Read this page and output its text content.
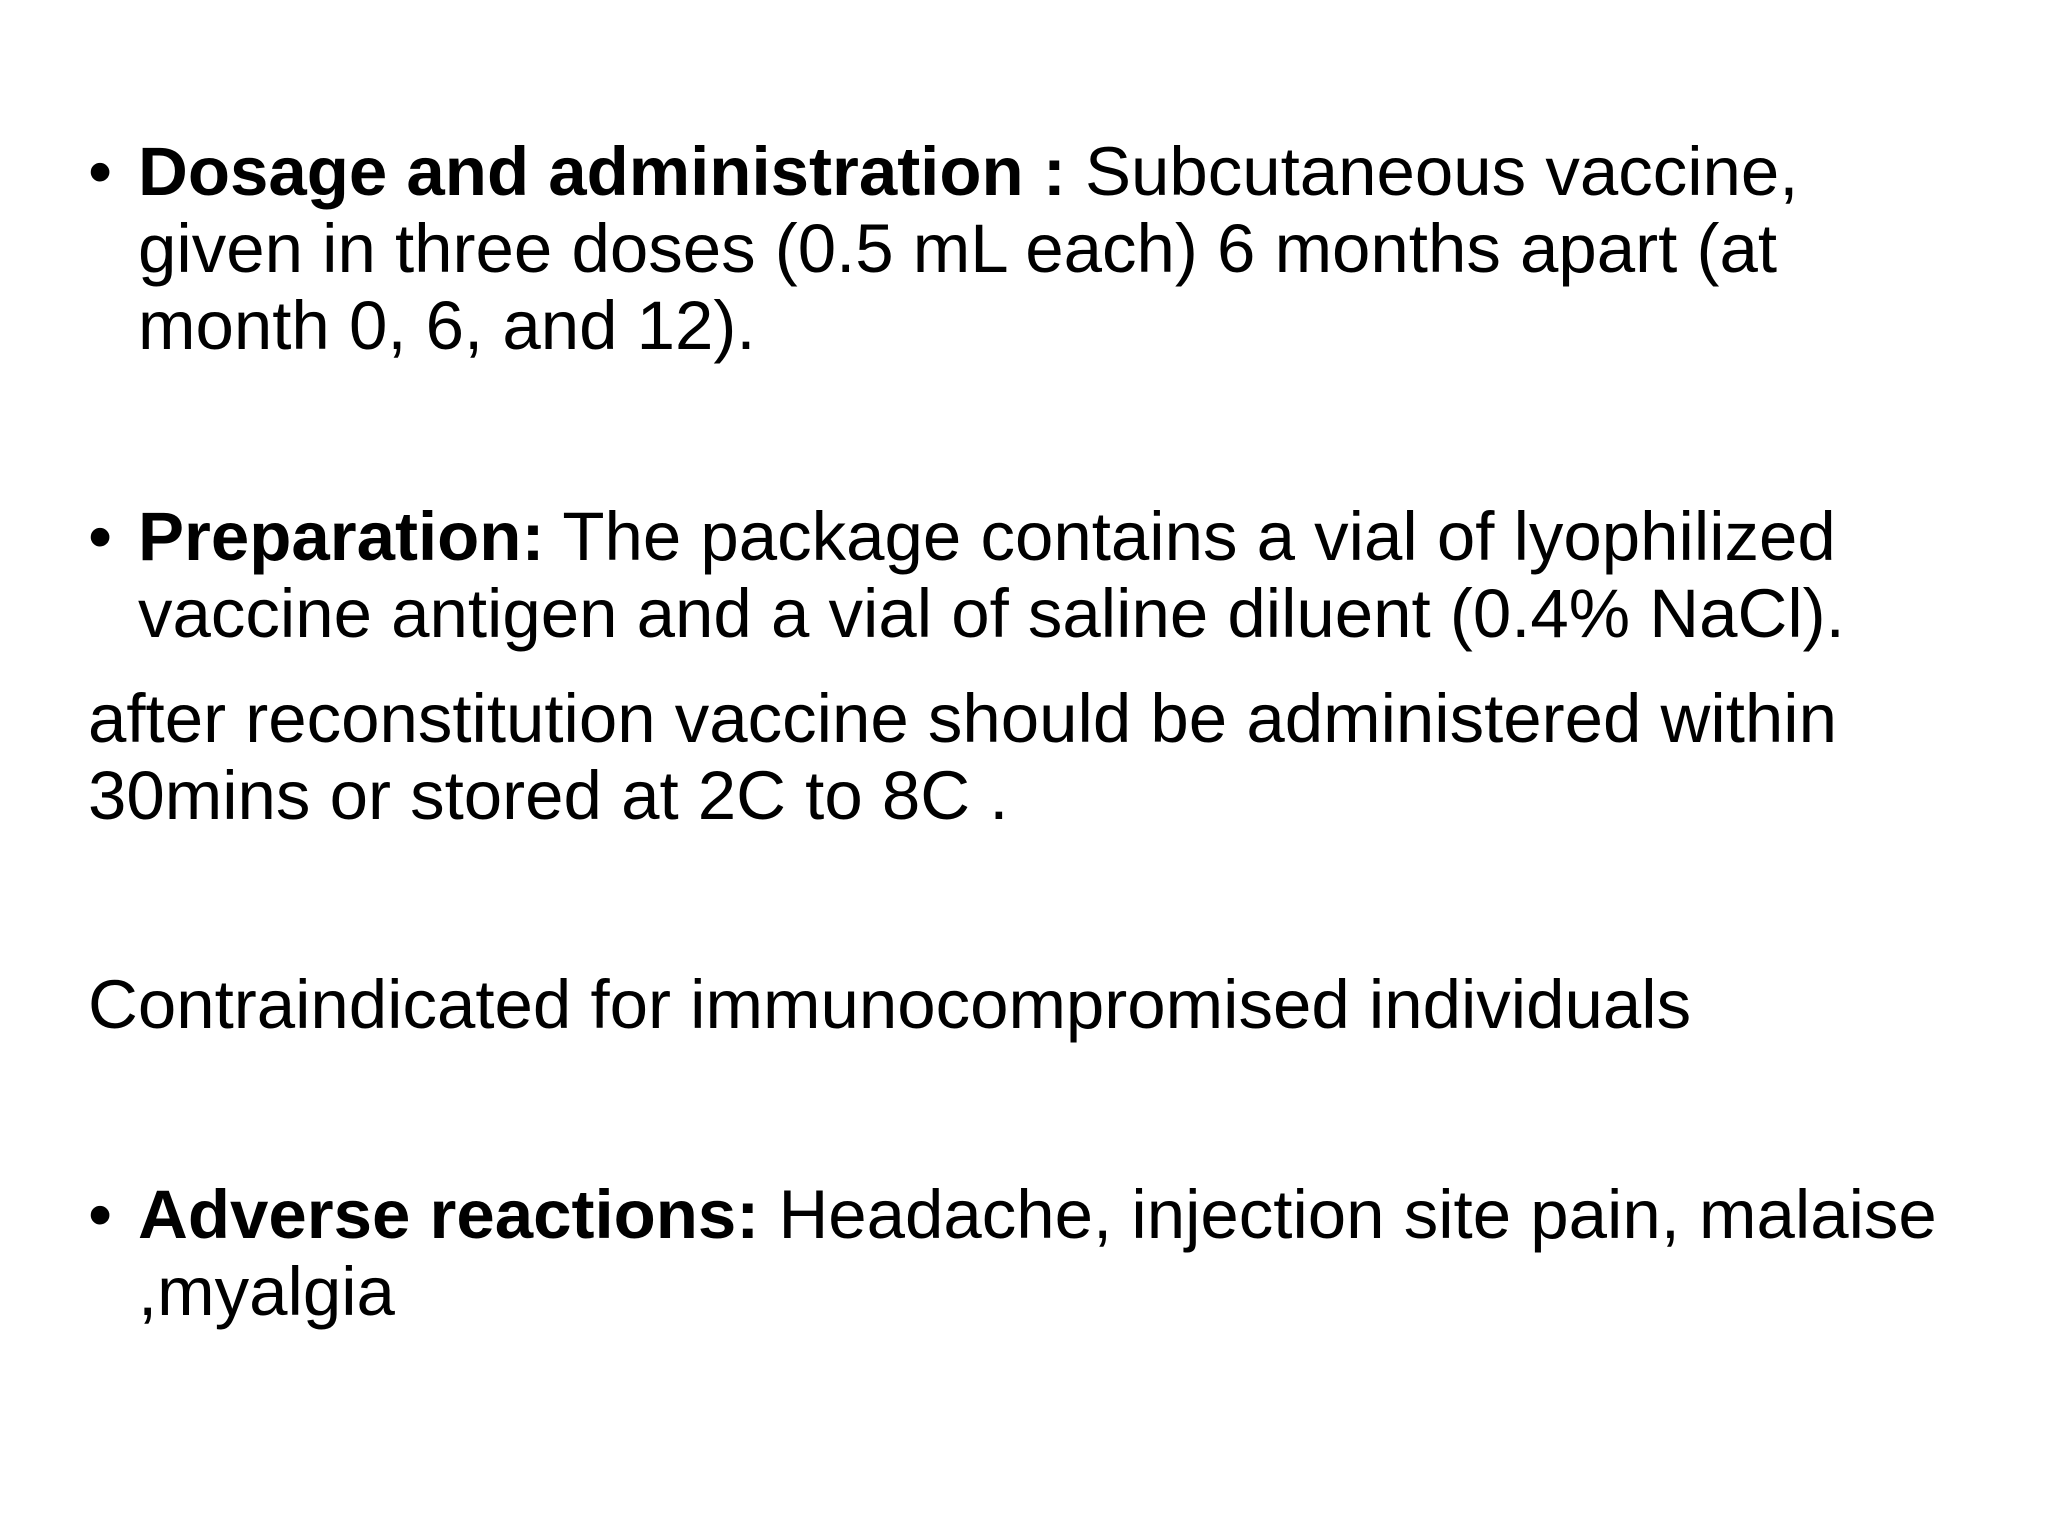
• Dosage and administration : Subcutaneous vaccine,
given in three doses (0.5 mL each) 6 months apart (at
month 0, 6, and 12).
• Preparation: The package contains a vial of lyophilized
vaccine antigen and a vial of saline diluent (0.4% NaCl).
after reconstitution vaccine should be administered within
30mins or stored at 2C to 8C .
Contraindicated for immunocompromised individuals
• Adverse reactions: Headache, injection site pain, malaise
,myalgia
